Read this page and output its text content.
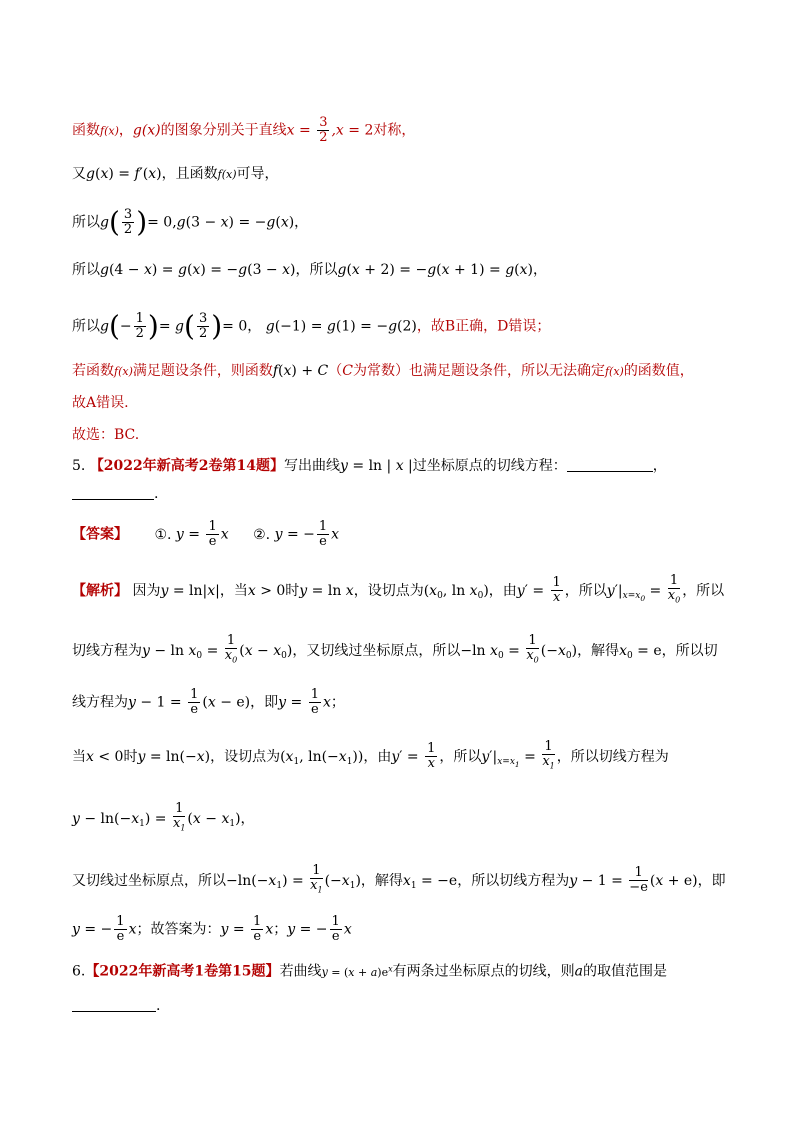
函数f(x)，g(x)的图象分别关于直线$x = \frac{3}{2} ,x = 2$对称，
又g(x) = f′(x)，且函数f(x)可导，
所以$g( \frac{3}{2}$ )= 0,g(3 − x) = −g(x)，
所以g(4 − x) = g(x) = −g(3 − x)，所以g(x + 2) = −g(x + 1) = g(x)，
所以$g(- \frac{1}{2}$ )= $g( \frac{3}{2}$ )= 0， g(−1) = g(1) = −g(2)，故B正确，D错误；
若函数f(x)满足题设条件，则函数f(x) + C（C为常数）也满足题设条件，所以无法确定f(x)的函数值，
故A错误.
故选：BC.
5. 【2022年新高考2卷第14题】写出曲线y = ln | x |过坐标原点的切线方程：	，
.
【答案】 ①. $y = \frac{1}{e}$ x ②. y = − $\frac{1}{e}$ x
【解析】 因为y = ln|x|，当x > 0时y = ln x，设切点为($x_0$, $\ln x_0$)，由$y' = \frac{1}{x}$ ，所以$y'|_{x=x_0} = \frac{1}{x_0}$ ，所以
切线方程为$y - \ln x_0 = \frac{1}{x_0} (x - x_0)$，又切线过坐标原点，所以−ln $x_0 = \frac{1}{x_0} (-x_0)$，解得$x_0 = e$，所以切
线方程为$y - 1 = \frac{1}{e} (x - e)$，即$y = \frac{1}{e}$ x；
当x < 0时y = ln(−x)，设切点为($x_1$, $\ln(-x_1)$)，由$y' = \frac{1}{x}$ ，所以$y'|_{x=x_1} = \frac{1}{x_1}$ ，所以切线方程为
$y - \ln(-x_1) = \frac{1}{x_1} (x - x_1)$，
又切线过坐标原点，所以$-\ln(-x_1) = \frac{1}{x_1} (-x_1)$，解得$x_1 = -e$，所以切线方程为$y - 1 = \frac{1}{-e} (x + e)$，即
y = − $\frac{1}{e}$ x；故答案为：$y = \frac{1}{e}$ x；y = − $\frac{1}{e}$ x
6.【2022年新高考1卷第15题】若曲线$y = (x + a)e^x$有两条过坐标原点的切线，则a的取值范围是
.
